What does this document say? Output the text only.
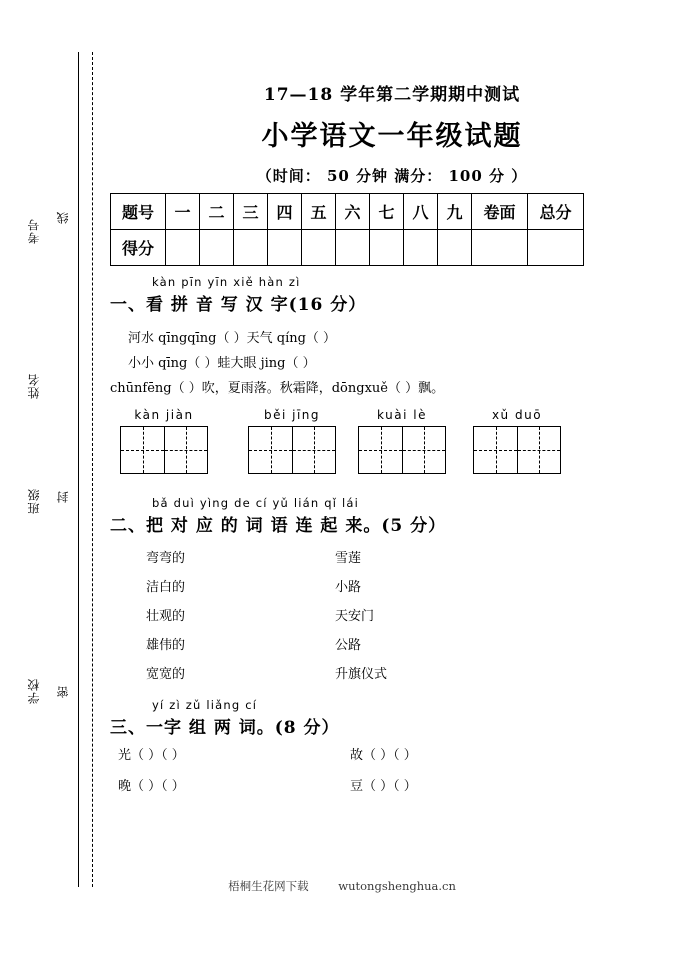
考号
姓名
班级
学校
线
封
密
17—18 学年第二学期期中测试
小学语文一年级试题
（时间： 50 分钟 满分： 100 分 ）
题号	一	二	三	四	五	六	七	八	九	卷面	总分
得分											
kàn pīn yīn xiě hàn zì
一、看 拼 音 写 汉 字(16 分）
河水 qīngqīng（ ）天气 qíng（ ）
小小 qīng（ ）蛙大眼 jing（ ）
chūnfēng（ ）吹，夏雨落。秋霜降，dōngxuě（ ）飘。
kàn jiàn	běi jīng	kuài lè	xǔ duō
bǎ duì yìng de cí yǔ lián qǐ lái
二、把 对 应 的 词 语 连 起 来。(5 分）
弯弯的
洁白的
壮观的
雄伟的
宽宽的
雪莲
小路
天安门
公路
升旗仪式
yí zì zǔ liǎng cí
三、一字 组 两 词。(8 分）
光（ ）（ ）	故（ ）（ ）
晚（ ）（ ）	豆（ ）（ ）
梧桐生花网下载	wutongshenghua.cn
